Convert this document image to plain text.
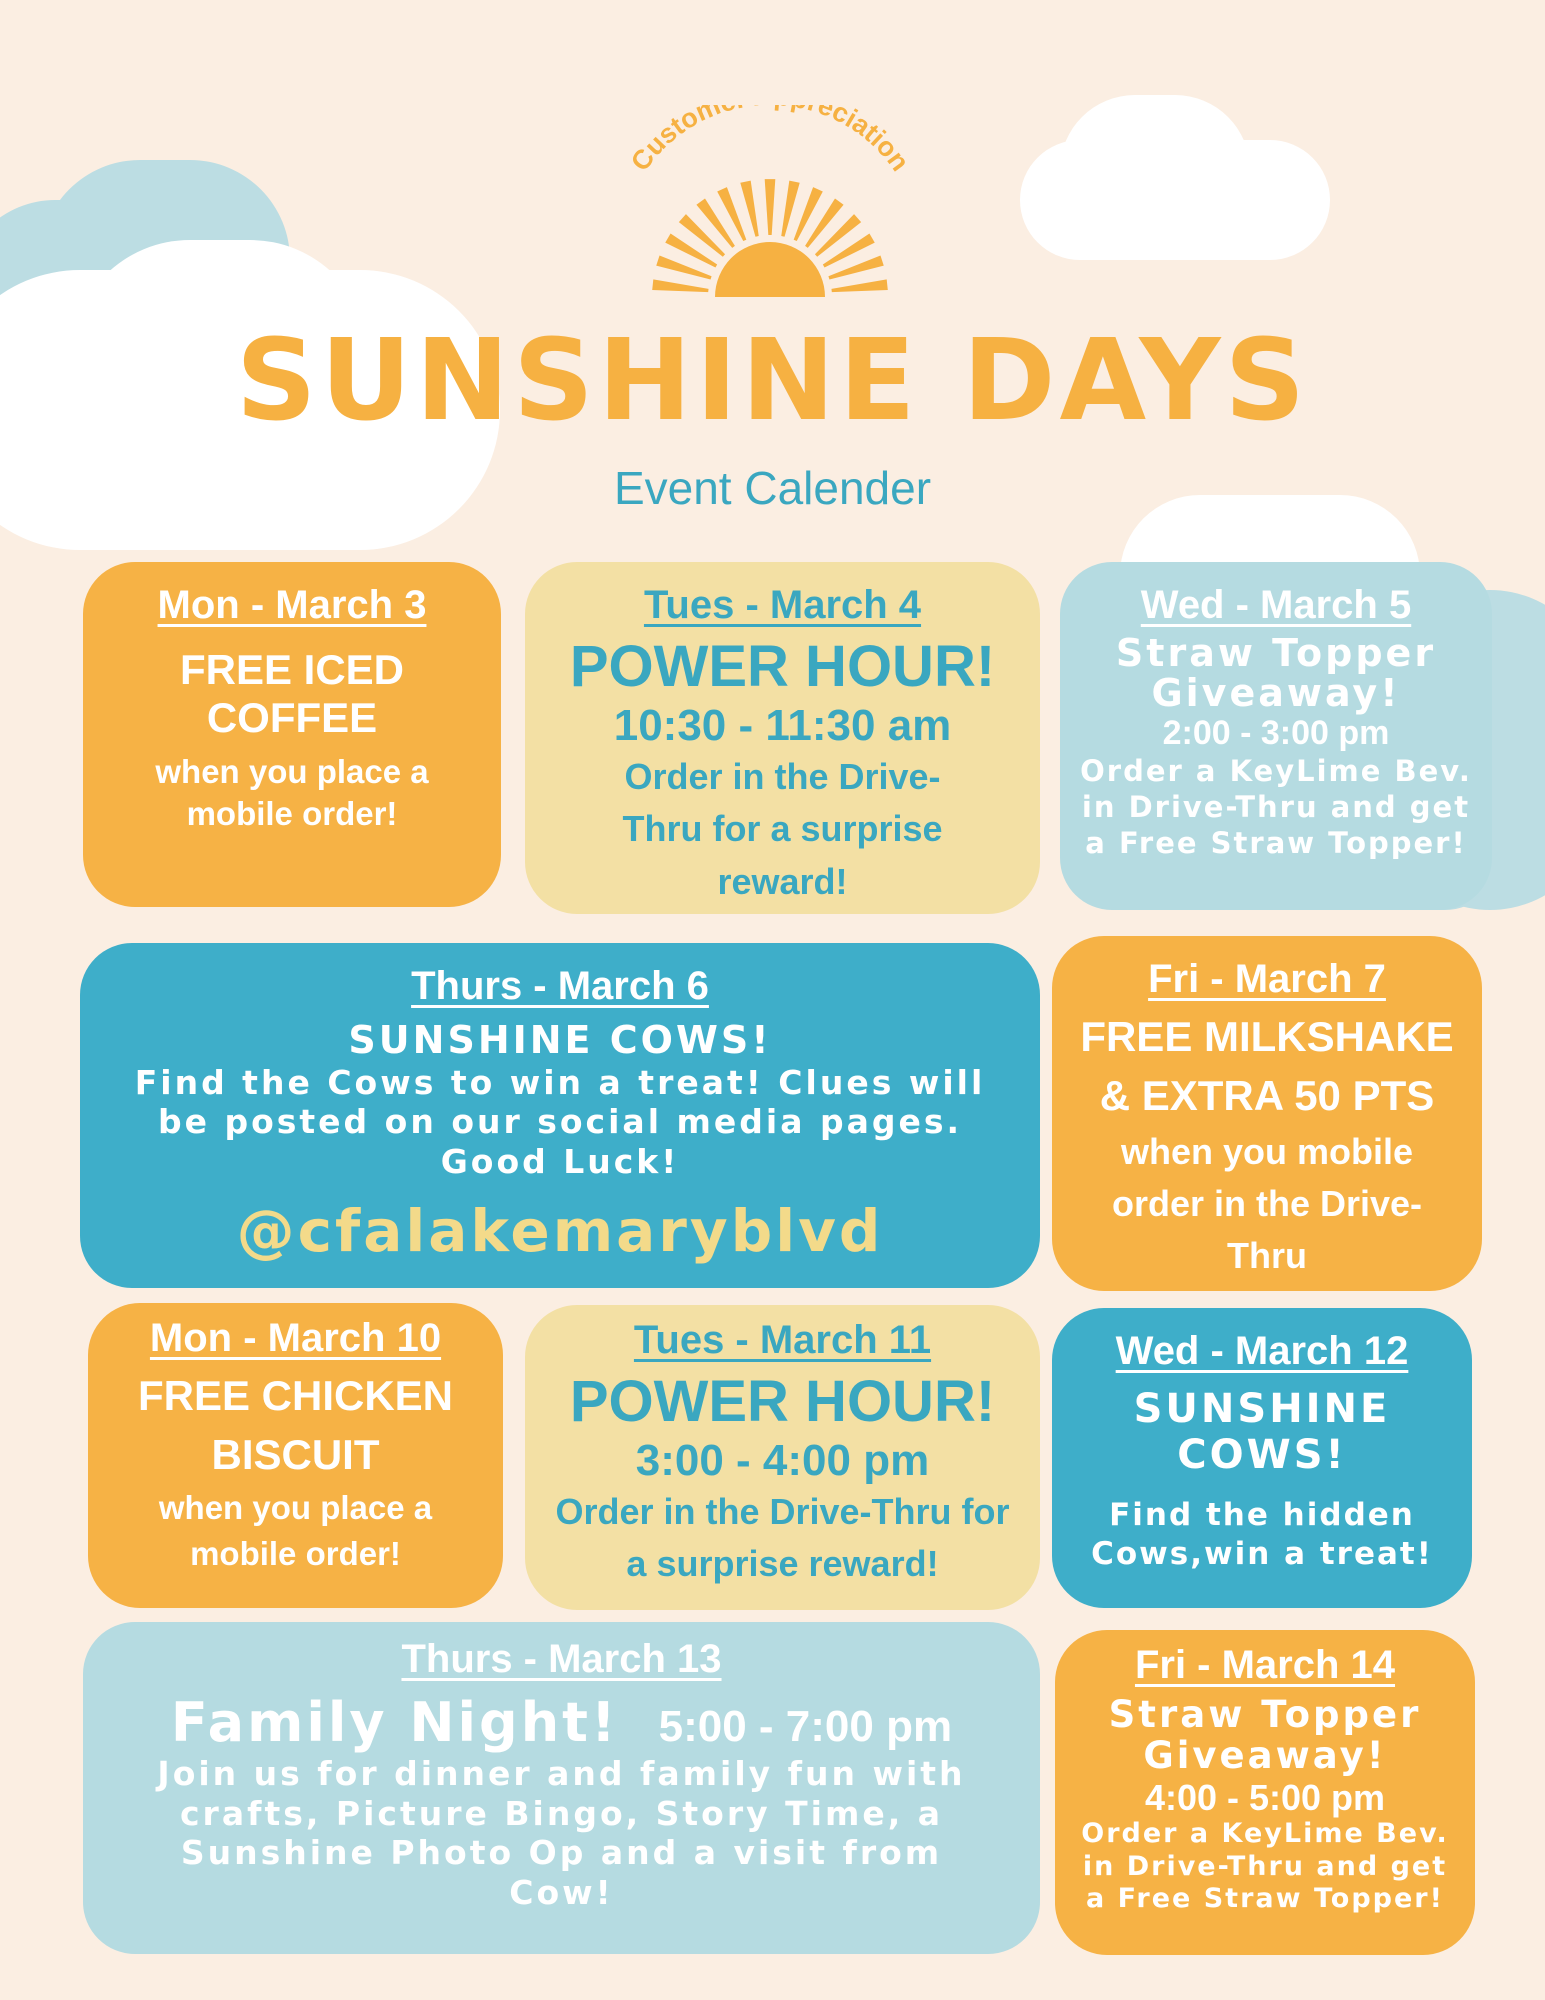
Custom eciation
SUNSHINE DAYS
Event Calender
Mon - March 3
FREE ICED COFFEE
when you place a mobile order!
Tues - March 4
POWER HOUR!
10:30 - 11:30 am
Order in the Drive-Thru for a surprise reward!
Wed - March 5
Straw Topper Giveaway!
2:00 - 3:00 pm
Order a KeyLime Bev. in Drive-Thru and get a Free Straw Topper!
Thurs - March 6
SUNSHINE COWS!
Find the Cows to win a treat! Clues will be posted on our social media pages. Good Luck!
@cfalakemaryblvd
Fri - March 7
FREE MILKSHAKE & EXTRA 50 PTS
when you mobile order in the Drive-Thru
Mon - March 10
FREE CHICKEN BISCUIT
when you place a mobile order!
Tues - March 11
POWER HOUR!
3:00 - 4:00 pm
Order in the Drive-Thru for a surprise reward!
Wed - March 12
SUNSHINE COWS!
Find the hidden Cows,win a treat!
Thurs - March 13
Family Night! 5:00 - 7:00 pm
Join us for dinner and family fun with crafts, Picture Bingo, Story Time, a Sunshine Photo Op and a visit from Cow!
Fri - March 14
Straw Topper Giveaway!
4:00 - 5:00 pm
Order a KeyLime Bev. in Drive-Thru and get a Free Straw Topper!
